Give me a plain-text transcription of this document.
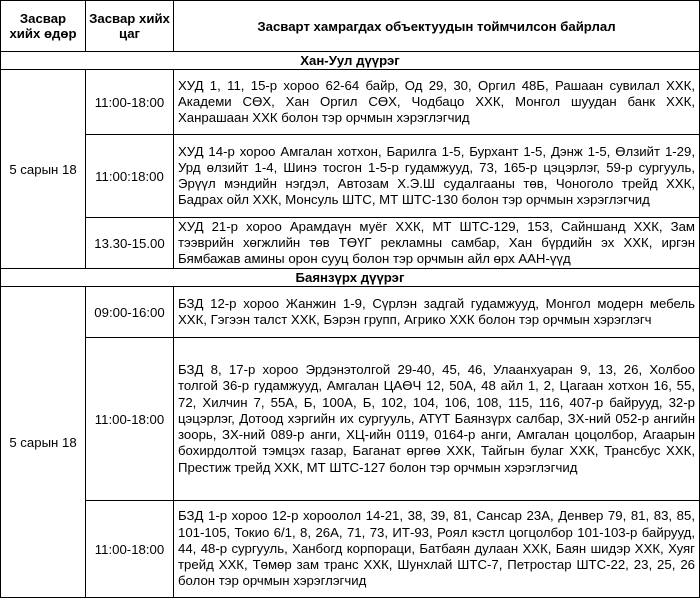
Засвар хийх өдөр	Засвар хийх цаг	Засварт хамрагдах объектуудын тоймчилсон байрлал
Хан-Уул дүүрэг		
5 сарын 18	11:00-18:00	ХУД 1, 11, 15-р хороо 62-64 байр, Од 29, 30, Оргил 48Б, Рашаан сувилал ХХК, Академи СӨХ, Хан Оргил СӨХ, Чодбацо ХХК, Монгол шуудан банк ХХК, Ханрашаан ХХК болон тэр орчмын хэрэглэгчид
	11:00:18:00	ХУД 14-р хороо Амгалан хотхон, Барилга 1-5, Бурхант 1-5, Дэнж 1-5, Өлзийт 1-29, Урд өлзийт 1-4, Шинэ тосгон 1-5-р гудамжууд, 73, 165-р цэцэрлэг, 59-р сургууль, Эрүүл мэндийн нэгдэл, Автозам Х.Э.Ш судалгааны төв, Чоноголо трейд ХХК, Бадрах ойл ХХК, Монсуль ШТС, МТ ШТС-130 болон тэр орчмын хэрэглэгчид
	13.30-15.00	ХУД 21-р хороо Арамдаүн муёг ХХК, МТ ШТС-129, 153, Сайншанд ХХК, Зам тээврийн хөгжлийн төв ТӨҮГ рекламны самбар, Хан бүрдийн эх ХХК, иргэн Бямбажав амины орон сууц болон тэр орчмын айл өрх ААН-үүд
Баянзүрх дүүрэг		
5 сарын 18	09:00-16:00	БЗД 12-р хороо Жанжин 1-9, Сүрлэн задгай гудамжууд, Монгол модерн мебель ХХК, Гэгээн талст ХХК, Бэрэн групп, Агрико ХХК болон тэр орчмын хэрэглэгч
	11:00-18:00	БЗД 8, 17-р хороо Эрдэнэтолгой 29-40, 45, 46, Улаанхуаран 9, 13, 26, Холбоо толгой 36-р гудамжууд, Амгалан ЦАӨЧ 12, 50А, 48 айл 1, 2, Цагаан хотхон 16, 55, 72, Хилчин 7, 55А, Б, 100А, Б, 102, 104, 106, 108, 115, 116, 407-р байрууд, 32-р цэцэрлэг, Дотоод хэргийн их сургууль, АТҮТ Баянзүрх салбар, ЗХ-ний 052-р ангийн зоорь, ЗХ-ний 089-р анги, ХЦ-ийн 0119, 0164-р анги, Амгалан цоцолбор, Агаарын бохирдолтой тэмцэх газар, Баганат өргөө ХХК, Тайгын булаг ХХК, Трансбус ХХК, Престиж трейд ХХК, МТ ШТС-127 болон тэр орчмын хэрэглэгчид
	11:00-18:00	БЗД 1-р хороо 12-р хороолол 14-21, 38, 39, 81, Сансар 23А, Денвер 79, 81, 83, 85, 101-105, Токио 6/1, 8, 26А, 71, 73, ИТ-93, Роял кэстл цогцолбор 101-103-р байрууд, 44, 48-р сургууль, Ханбогд корпораци, Батбаян дулаан ХХК, Баян шидэр ХХК, Хуяг трейд ХХК, Төмөр зам транс ХХК, Шунхлай ШТС-7, Петростар ШТС-22, 23, 25, 26 болон тэр орчмын хэрэглэгчид
